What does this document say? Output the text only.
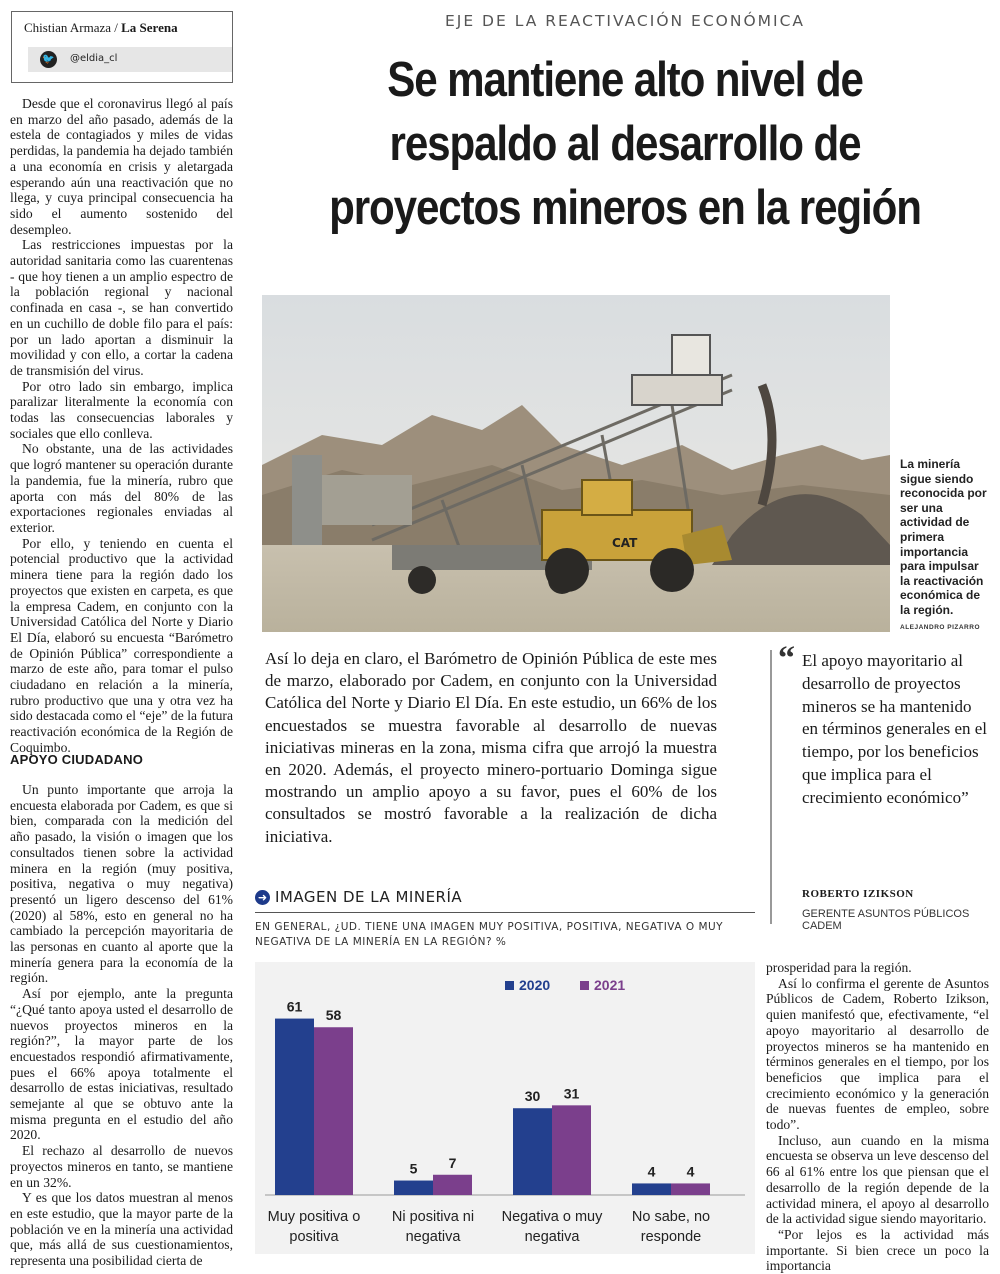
Chistian Armaza / La Serena
🐦 @eldia_cl
EJE DE LA REACTIVACIÓN ECONÓMICA
Se mantiene alto nivel de
respaldo al desarrollo de
proyectos mineros en la región
CAT
La minería sigue siendo reconocida por ser una actividad de primera importancia para impulsar la reactivación económica de la región.
ALEJANDRO PIZARRO

Desde que el coronavirus llegó al país en marzo del año pasado, además de la estela de contagiados y miles de vidas perdidas, la pandemia ha dejado también a una economía en crisis y aletargada esperando aún una reactivación que no llega, y cuya principal consecuencia ha sido el aumento sostenido del desempleo.

Las restricciones impuestas por la autoridad sanitaria como las cuarentenas - que hoy tienen a un amplio espectro de la población regional y nacional confinada en casa -, se han convertido en un cuchillo de doble filo para el país: por un lado aportan a disminuir la movilidad y con ello, a cortar la cadena de transmisión del virus.

Por otro lado sin embargo, implica paralizar literalmente la economía con todas las consecuencias laborales y sociales que ello conlleva.

No obstante, una de las actividades que logró mantener su operación durante la pandemia, fue la minería, rubro que aporta con más del 80% de las exportaciones regionales enviadas al exterior.

Por ello, y teniendo en cuenta el potencial productivo que la actividad minera tiene para la región dado los proyectos que existen en carpeta, es que la empresa Cadem, en conjunto con la Universidad Católica del Norte y Diario El Día, elaboró su encuesta “Barómetro de Opinión Pública” correspondiente a marzo de este año, para tomar el pulso ciudadano en relación a la minería, rubro productivo que una y otra vez ha sido destacada como el “eje” de la futura reactivación económica de la Región de Coquimbo.

APOYO CIUDADANO

Un punto importante que arroja la encuesta elaborada por Cadem, es que si bien, comparada con la medición del año pasado, la visión o imagen que los consultados tienen sobre la actividad minera en la región (muy positiva, positiva, negativa o muy negativa) presentó un ligero descenso del 61% (2020) al 58%, esto en general no ha cambiado la percepción mayoritaria de las personas en cuanto al aporte que la minería genera para la economía de la región.

Así por ejemplo, ante la pregunta “¿Qué tanto apoya usted el desarrollo de nuevos proyectos mineros en la región?”, la mayor parte de los encuestados respondió afirmativamente, pues el 66% apoya totalmente el desarrollo de estas iniciativas, resultado semejante al que se obtuvo ante la misma pregunta en el estudio del año 2020.

El rechazo al desarrollo de nuevos proyectos mineros en tanto, se mantiene en un 32%.

Y es que los datos muestran al menos en este estudio, que la mayor parte de la población ve en la minería una actividad que, más allá de sus cuestionamientos, representa una posibilidad cierta de

Así lo deja en claro, el Barómetro de Opinión Pública de este mes de marzo, elaborado por Cadem, en conjunto con la Universidad Católica del Norte y Diario El Día. En este estudio, un 66% de los encuestados se muestra favorable al desarrollo de nuevas iniciativas mineras en la zona, misma cifra que arrojó la muestra en 2020. Además, el proyecto minero-portuario Dominga sigue mostrando un amplio apoyo a su favor, pues el 60% de los consultados se mostró favorable a la realización de dicha iniciativa.
“ El apoyo mayoritario al desarrollo de proyectos mineros se ha mantenido en términos generales en el tiempo, por los beneficios que implica para el crecimiento económico”
ROBERTO IZIKSON
GERENTE ASUNTOS PÚBLICOS CADEM

prosperidad para la región.

Así lo confirma el gerente de Asuntos Públicos de Cadem, Roberto Izikson, quien manifestó que, efectivamente, “el apoyo mayoritario al desarrollo de proyectos mineros se ha mantenido en términos generales en el tiempo, por los beneficios que implica para el crecimiento económico y la generación de nuevas fuentes de empleo, sobre todo”.

Incluso, aun cuando en la misma encuesta se observa un leve descenso del 66 al 61% entre los que piensan que el desarrollo de la región depende de la actividad minera, el apoyo al desarrollo de la actividad sigue siendo mayoritario.

“Por lejos es la actividad más importante. Si bien crece un poco la importancia

➜ IMAGEN DE LA MINERÍA
EN GENERAL, ¿UD. TIENE UNA IMAGEN MUY POSITIVA, POSITIVA, NEGATIVA O MUY NEGATIVA DE LA MINERÍA EN LA REGIÓN? %
61
58
Muy positiva o
positiva
5 7
Ni positiva ni
negativa
30 31
Negativa o muy
negativa
4 4
No sabe, no
responde
2020	2021
